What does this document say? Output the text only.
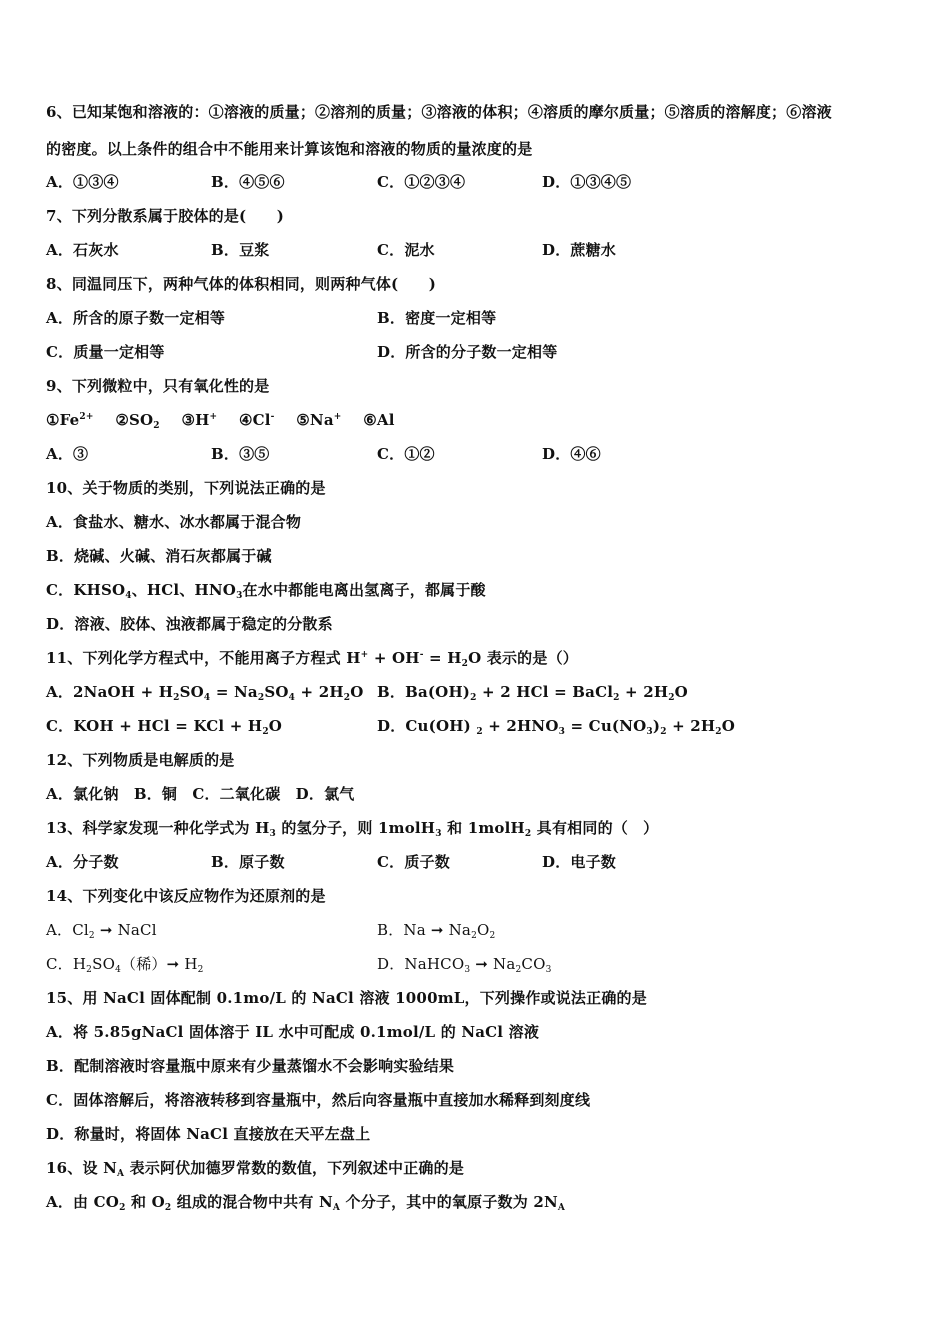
6、已知某饱和溶液的：①溶液的质量；②溶剂的质量；③溶液的体积；④溶质的摩尔质量；⑤溶质的溶解度；⑥溶液
的密度。以上条件的组合中不能用来计算该饱和溶液的物质的量浓度的是
A．①③④	B．④⑤⑥	C．①②③④	D．①③④⑤
7、下列分散系属于胶体的是(　　)
A．石灰水	B．豆浆	C．泥水	D．蔗糖水
8、同温同压下，两种气体的体积相同，则两种气体(　　)
A．所含的原子数一定相等	B．密度一定相等
C．质量一定相等	D．所含的分子数一定相等
9、下列微粒中，只有氧化性的是
$①Fe^{2+}$ $②SO_2$ ③H+ ④Cl- ⑤Na+ ⑥Al
A．③	B．③⑤	C．①②	D．④⑥
10、关于物质的类别，下列说法正确的是
A．食盐水、糖水、冰水都属于混合物
B．烧碱、火碱、消石灰都属于碱
C．$KHSO_4$、HCl、$HNO_3$在水中都能电离出氢离子，都属于酸
D．溶液、胶体、浊液都属于稳定的分散系
11、下列化学方程式中，不能用离子方程式 $H^+ + OH^- = H_2O$ 表示的是（）
A．2NaOH + $H_2SO_4 = Na_2SO_4 + 2H_2O$ B．$Ba(OH)_2 + 2$ HCl = BaCl$_2$ + $2H_2O$
C．KOH + HCl = KCl + $H_2O$	D．Cu(OH) $_2 + 2HNO_3 = Cu(NO_3)_2 + 2H_2O$
12、下列物质是电解质的是
A．氯化钠　B．铜　C．二氧化碳　D．氯气
13、科学家发现一种化学式为 $H_3$ 的氢分子，则 1molH$_3$ 和 1molH$_2$ 具有相同的（　）
A．分子数	B．原子数	C．质子数	D．电子数
14、下列变化中该反应物作为还原剂的是
A．$Cl_2$ ➞ NaCl	B．Na ➞ $Na_2O_2$
C．$H_2SO_4$（稀）➞ $H_2$	D．NaHCO$_3$ ➞ $Na_2CO_3$
15、用 NaCl 固体配制 0.1mo/L 的 NaCl 溶液 1000mL，下列操作或说法正确的是
A．将 5.85gNaCl 固体溶于 IL 水中可配成 0.1mol/L 的 NaCl 溶液
B．配制溶液时容量瓶中原来有少量蒸馏水不会影响实验结果
C．固体溶解后，将溶液转移到容量瓶中，然后向容量瓶中直接加水稀释到刻度线
D．称量时，将固体 NaCl 直接放在天平左盘上
16、设 $N_A$ 表示阿伏加德罗常数的数值，下列叙述中正确的是
A．由 $CO_2$ 和 $O_2$ 组成的混合物中共有 $N_A$ 个分子，其中的氧原子数为 $2N_A$
